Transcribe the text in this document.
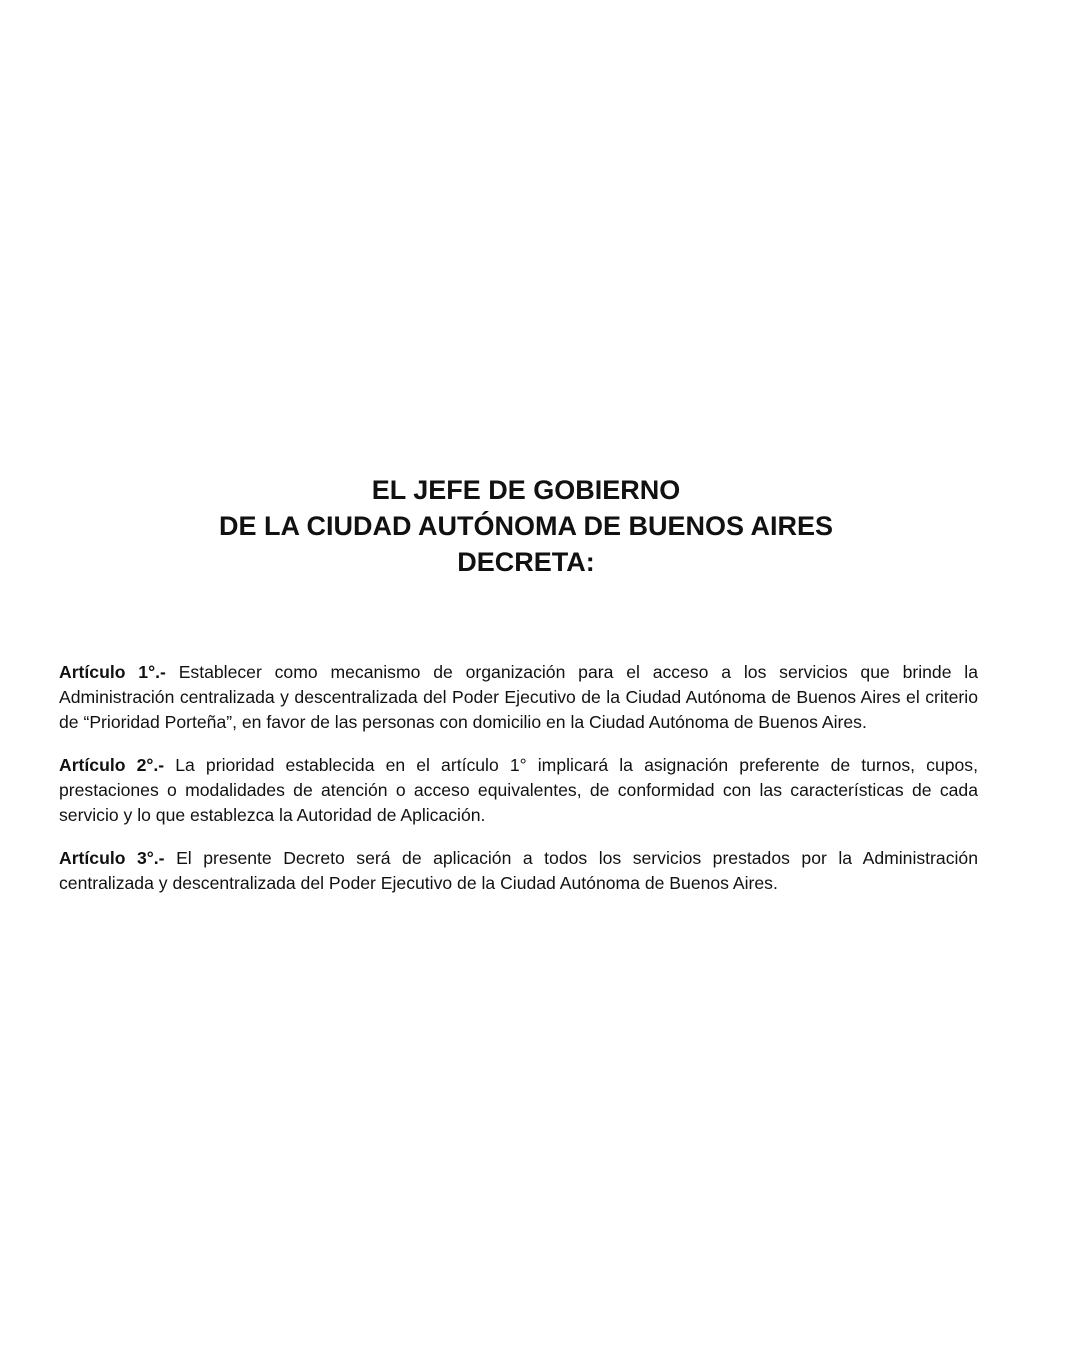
EL JEFE DE GOBIERNO
DE LA CIUDAD AUTÓNOMA DE BUENOS AIRES
DECRETA:

Artículo 1°.- Establecer como mecanismo de organización para el acceso a los servicios que brinde la Administración centralizada y descentralizada del Poder Ejecutivo de la Ciudad Autónoma de Buenos Aires el criterio de “Prioridad Porteña”, en favor de las personas con domicilio en la Ciudad Autónoma de Buenos Aires.

Artículo 2°.- La prioridad establecida en el artículo 1° implicará la asignación preferente de turnos, cupos, prestaciones o modalidades de atención o acceso equivalentes, de conformidad con las características de cada servicio y lo que establezca la Autoridad de Aplicación.

Artículo 3°.- El presente Decreto será de aplicación a todos los servicios prestados por la Administración centralizada y descentralizada del Poder Ejecutivo de la Ciudad Autónoma de Buenos Aires.
